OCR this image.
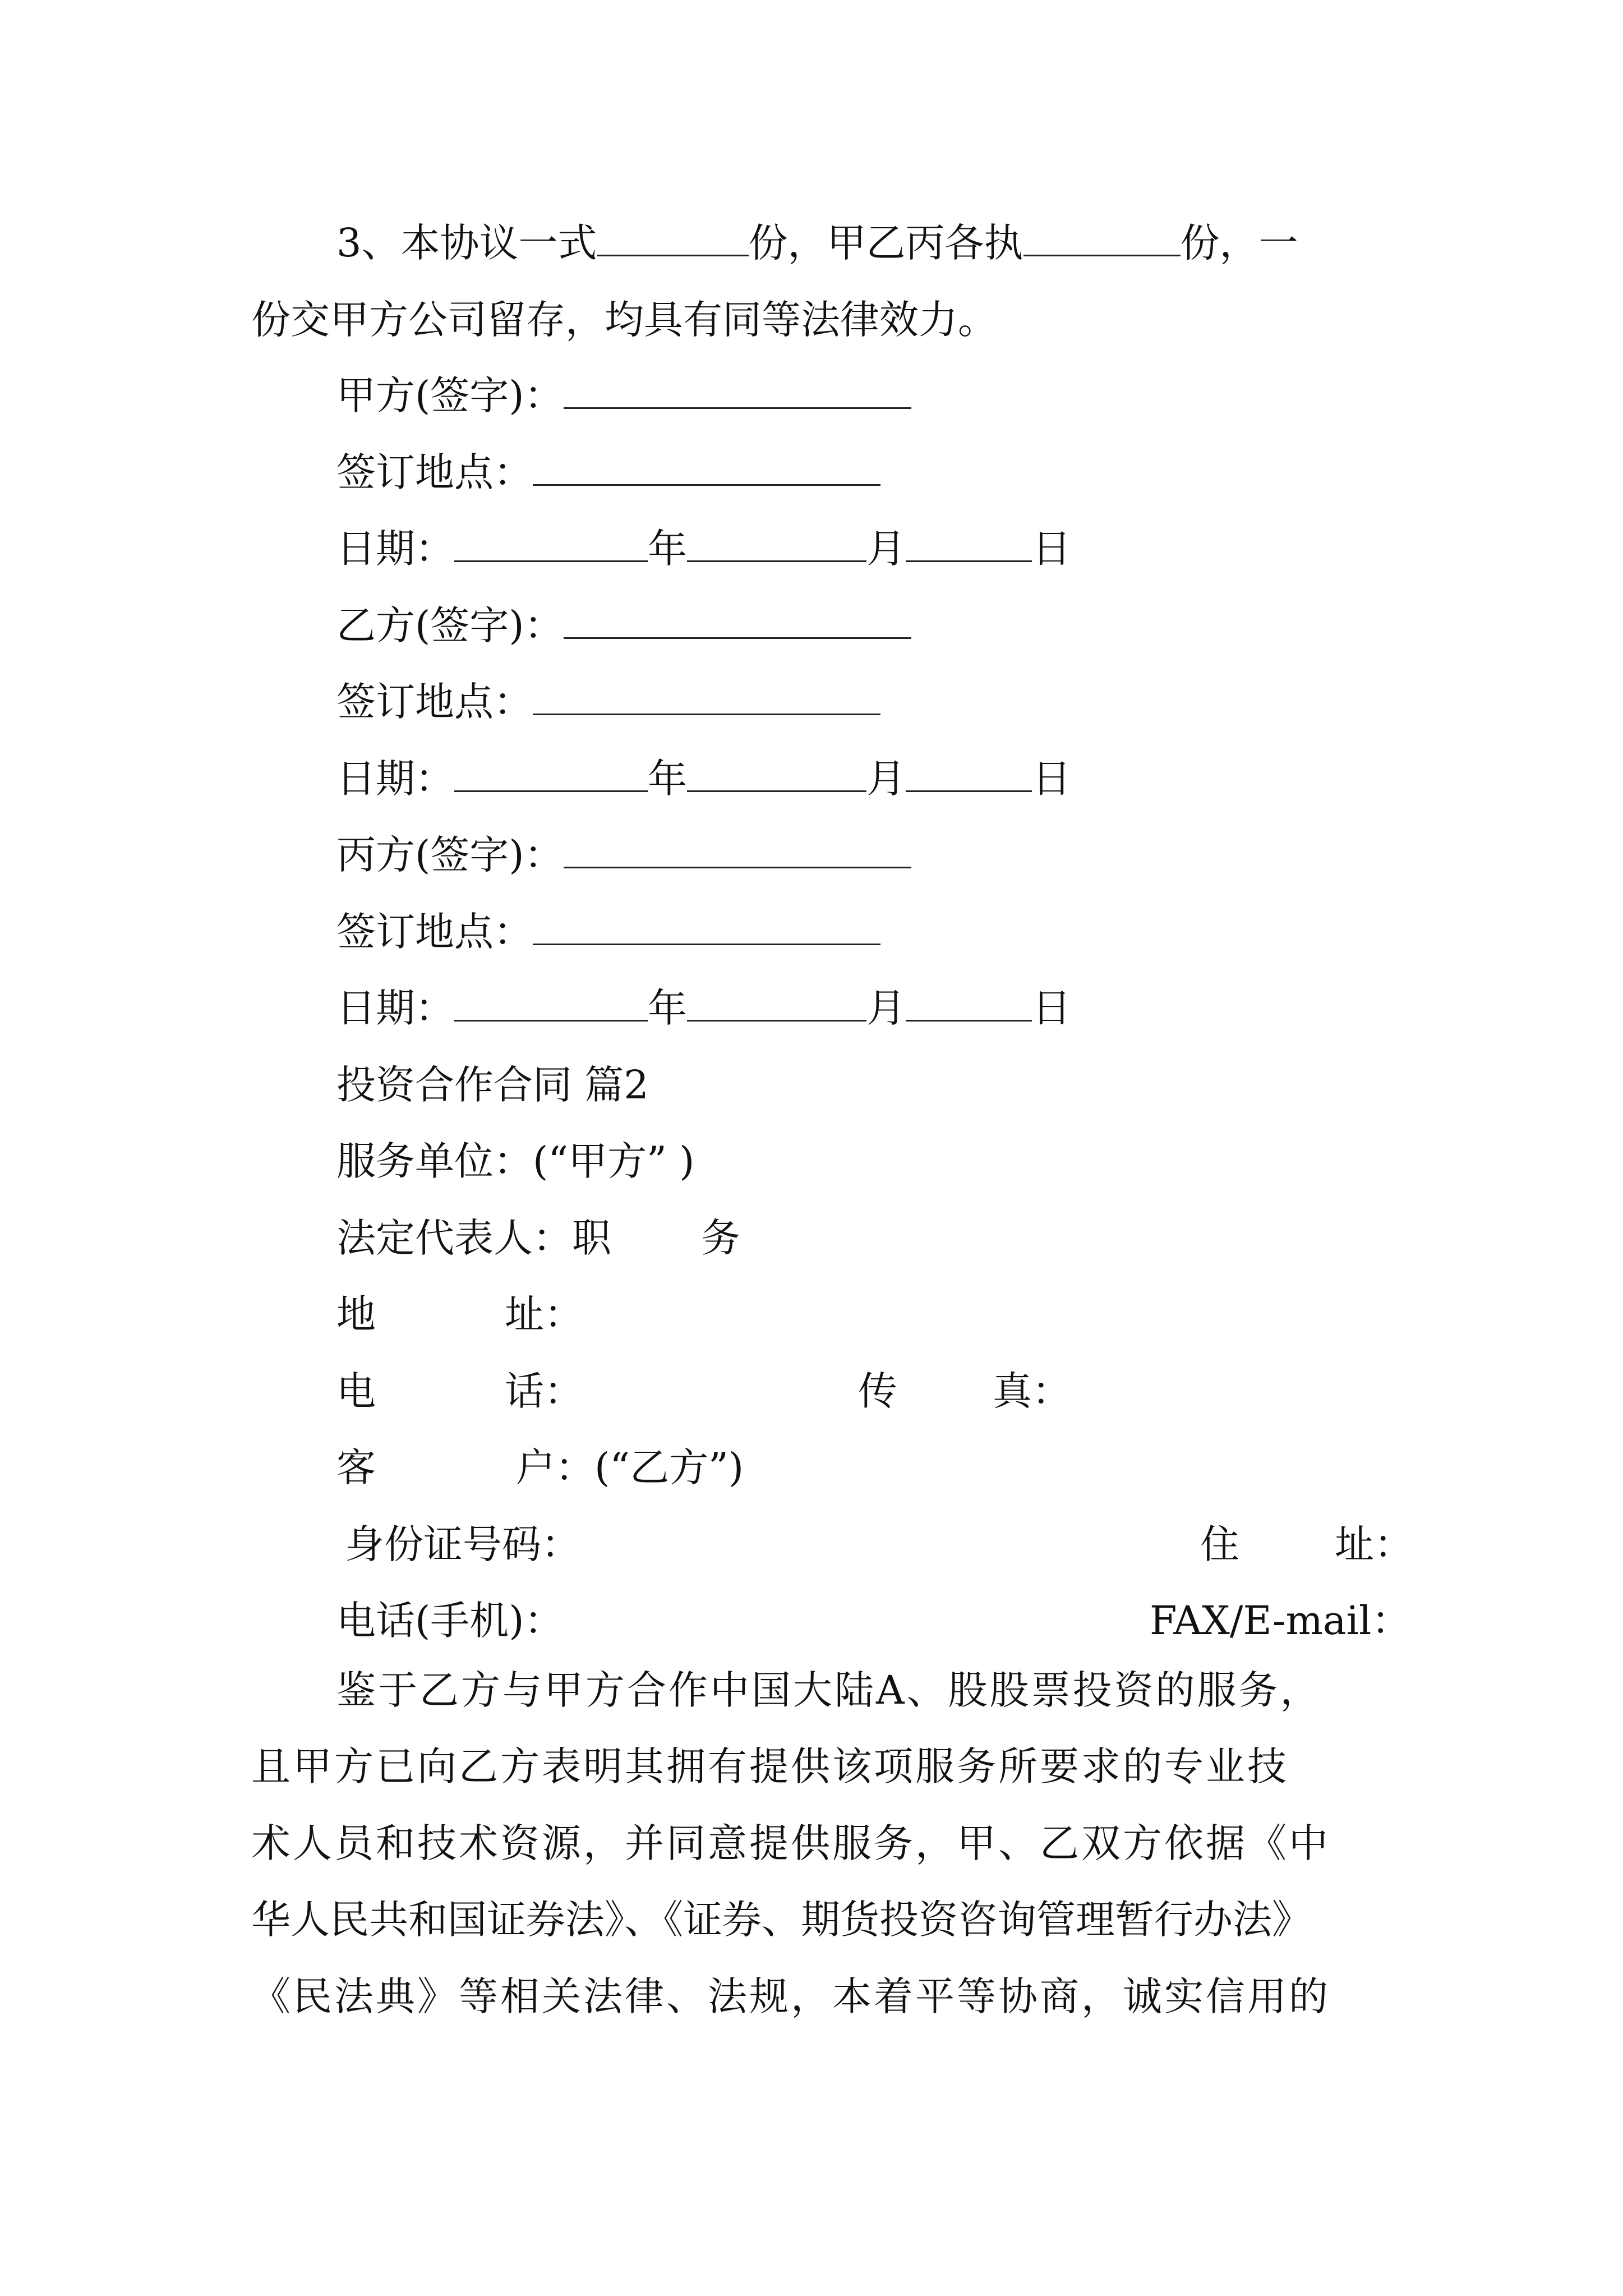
3、本协议一式	份，甲乙丙各执	份，一
份交甲方公司留存，均具有同等法律效力。
甲方(签字)：
签订地点：
日期：	年	月	日
乙方(签字)：
签订地点：
日期：	年	月	日
丙方(签字)：
签订地点：
日期：	年	月	日
投资合作合同 篇2
服务单位：(“甲方” )
法定代表人：职 务
地	址：
电	话：	传 真：
客	户：(“乙方”)
身份证号码：	住 址：
电话(手机)：	FAX/E-mail：
鉴于乙方与甲方合作中国大陆A、股股票投资的服务，
且甲方已向乙方表明其拥有提供该项服务所要求的专业技
术人员和技术资源，并同意提供服务，甲、乙双方依据《中
华人民共和国证券法》、《证券、期货投资咨询管理暂行办法》
《民法典》等相关法律、法规，本着平等协商，诚实信用的
